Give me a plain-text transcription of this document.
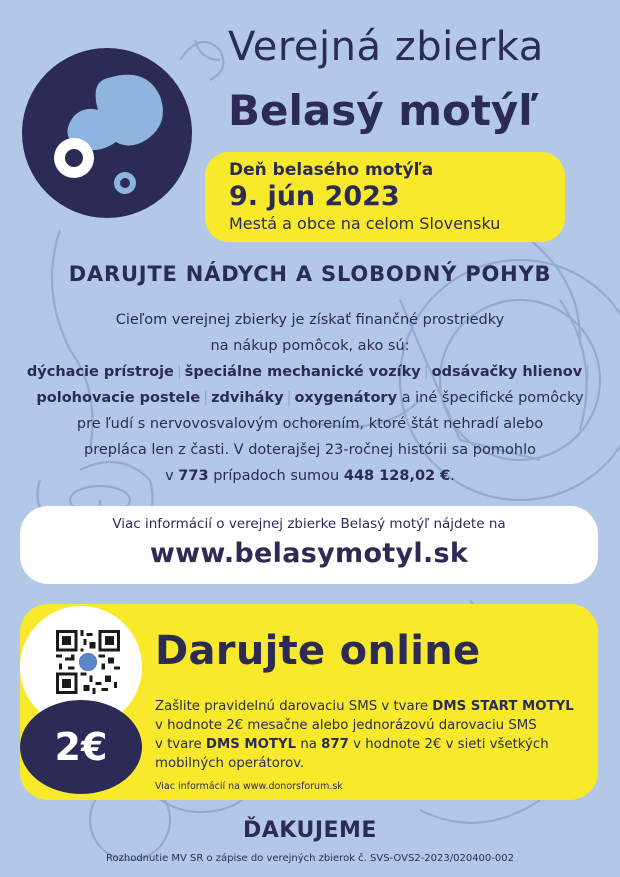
Verejná zbierka
Belasý motýľ
Deň belasého motýľa
9. jún 2023
Mestá a obce na celom Slovensku
DARUJTE NÁDYCH A SLOBODNÝ POHYB
Cieľom verejnej zbierky je získať finančné prostriedky
na nákup pomôcok, ako sú:
dýchacie prístroje | špeciálne mechanické vozíky | odsávačky hlienov |
polohovacie postele | zdviháky | oxygenátory a iné špecifické pomôcky
pre ľudí s nervovosvalovým ochorením, ktoré štát nehradí alebo
prepláca len z časti. V doterajšej 23-ročnej histórii sa pomohlo
v 773 prípadoch sumou 448 128,02 €.
Viac informácií o verejnej zbierke Belasý motýľ nájdete na
www.belasymotyl.sk
2€
Darujte online
Zašlite pravidelnú darovaciu SMS v tvare DMS START MOTYL
v hodnote 2€ mesačne alebo jednorázovú darovaciu SMS
v tvare DMS MOTYL na 877 v hodnote 2€ v sieti všetkých
mobilných operátorov.
Viac informácií na www.donorsforum.sk
ĎAKUJEME
Rozhodnutie MV SR o zápise do verejných zbierok č. SVS-OVS2-2023/020400-002
